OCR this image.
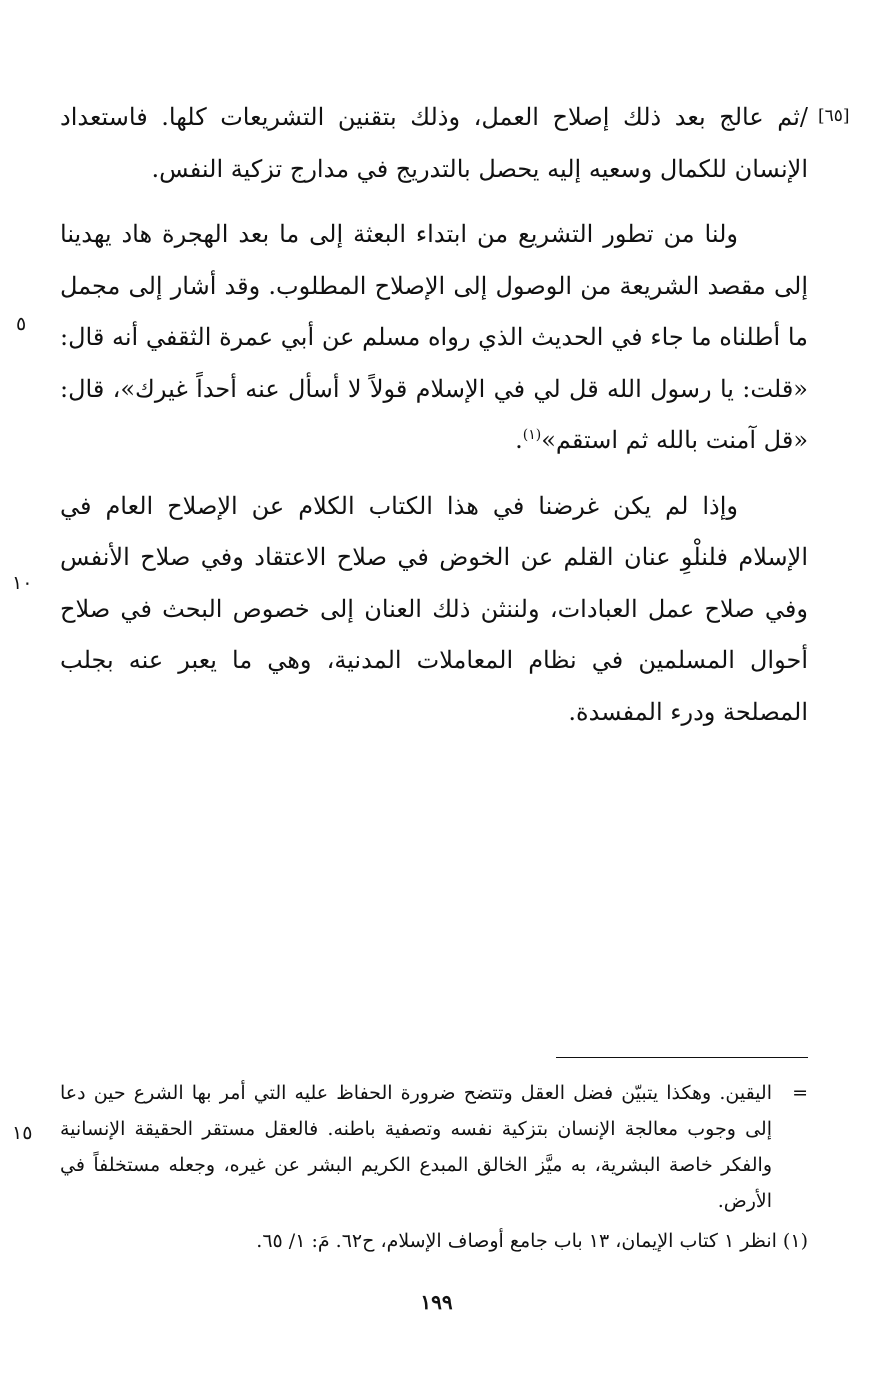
[٦٥]
٥
١٠
١٥

/ثم عالج بعد ذلك إصلاح العمل، وذلك بتقنين التشريعات كلها. فاستعداد الإنسان للكمال وسعيه إليه يحصل بالتدريج في مدارج تزكية النفس.

ولنا من تطور التشريع من ابتداء البعثة إلى ما بعد الهجرة هاد يهدينا إلى مقصد الشريعة من الوصول إلى الإصلاح المطلوب. وقد أشار إلى مجمل ما أطلناه ما جاء في الحديث الذي رواه مسلم عن أبي عمرة الثقفي أنه قال: «قلت: يا رسول الله قل لي في الإسلام قولاً لا أسأل عنه أحداً غيرك»، قال: «قل آمنت بالله ثم استقم»$^{(١)}$.

وإذا لم يكن غرضنا في هذا الكتاب الكلام عن الإصلاح العام في الإسلام فلنلْوِ عنان القلم عن الخوض في صلاح الاعتقاد وفي صلاح الأنفس وفي صلاح عمل العبادات، ولننثن ذلك العنان إلى خصوص البحث في صلاح أحوال المسلمين في نظام المعاملات المدنية، وهي ما يعبر عنه بجلب المصلحة ودرء المفسدة.

=
اليقين. وهكذا يتبيّن فضل العقل وتتضح ضرورة الحفاظ عليه التي أمر بها الشرع حين دعا إلى وجوب معالجة الإنسان بتزكية نفسه وتصفية باطنه. فالعقل مستقر الحقيقة الإنسانية والفكر خاصة البشرية، به ميَّز الخالق المبدع الكريم البشر عن غيره، وجعله مستخلفاً في الأرض.

(١) انظر ١ كتاب الإيمان، ١٣ باب جامع أوصاف الإسلام، ح٦٢. مَ: ١/ ٦٥.

١٩٩
